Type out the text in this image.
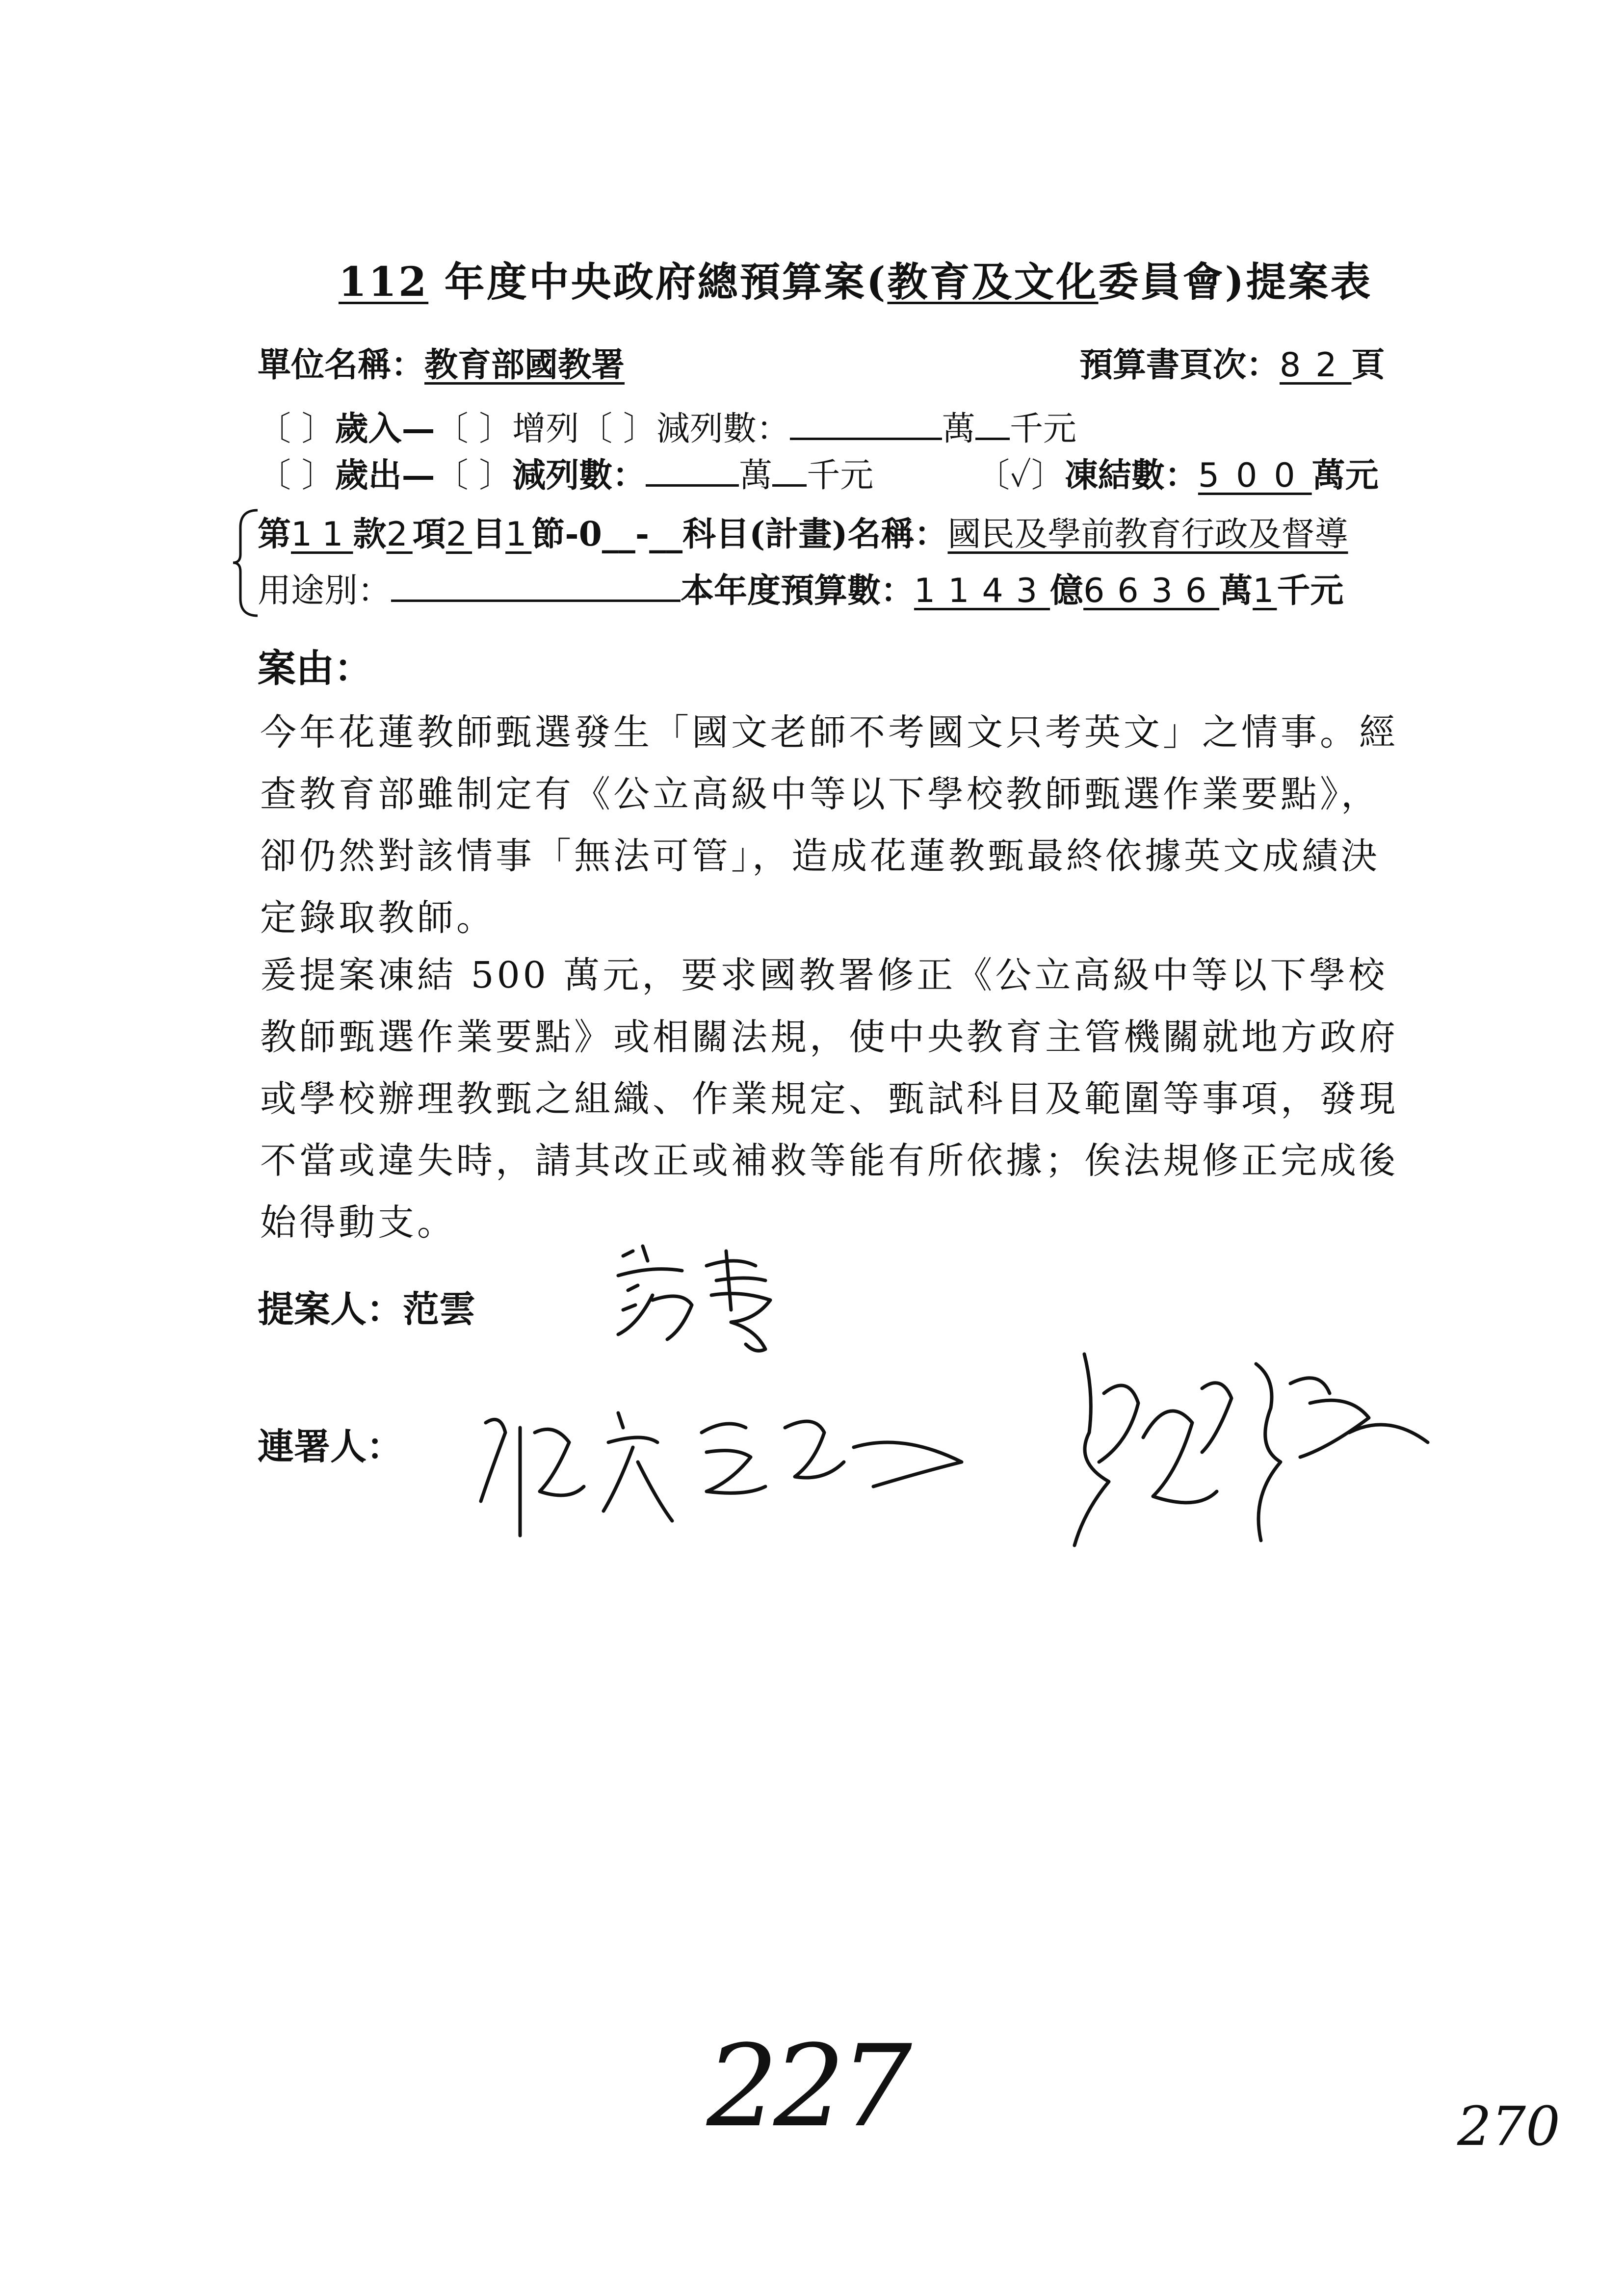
112 年度中央政府總預算案(教育及文化委員會)提案表
單位名稱：教育部國教署	預算書頁次：82頁
〔 〕歲入—〔 〕增列〔 〕減列數：	萬 千元
〔 〕歲出—〔 〕減列數：	萬 千元	〔✓〕凍結數：500萬元
第11款2項2目1節-0__-__科目(計畫)名稱：國民及學前教育行政及督導
用途別：	本年度預算數：1143億6636萬1千元
案由：
今年花蓮教師甄選發生「國文老師不考國文只考英文」之情事。經查教育部雖制定有《公立高級中等以下學校教師甄選作業要點》，卻仍然對該情事「無法可管」，造成花蓮教甄最終依據英文成績決定錄取教師。
爰提案凍結 500 萬元，要求國教署修正《公立高級中等以下學校教師甄選作業要點》或相關法規，使中央教育主管機關就地方政府或學校辦理教甄之組織、作業規定、甄試科目及範圍等事項，發現不當或違失時，請其改正或補救等能有所依據；俟法規修正完成後始得動支。
提案人：范雲
連署人：
227	270
